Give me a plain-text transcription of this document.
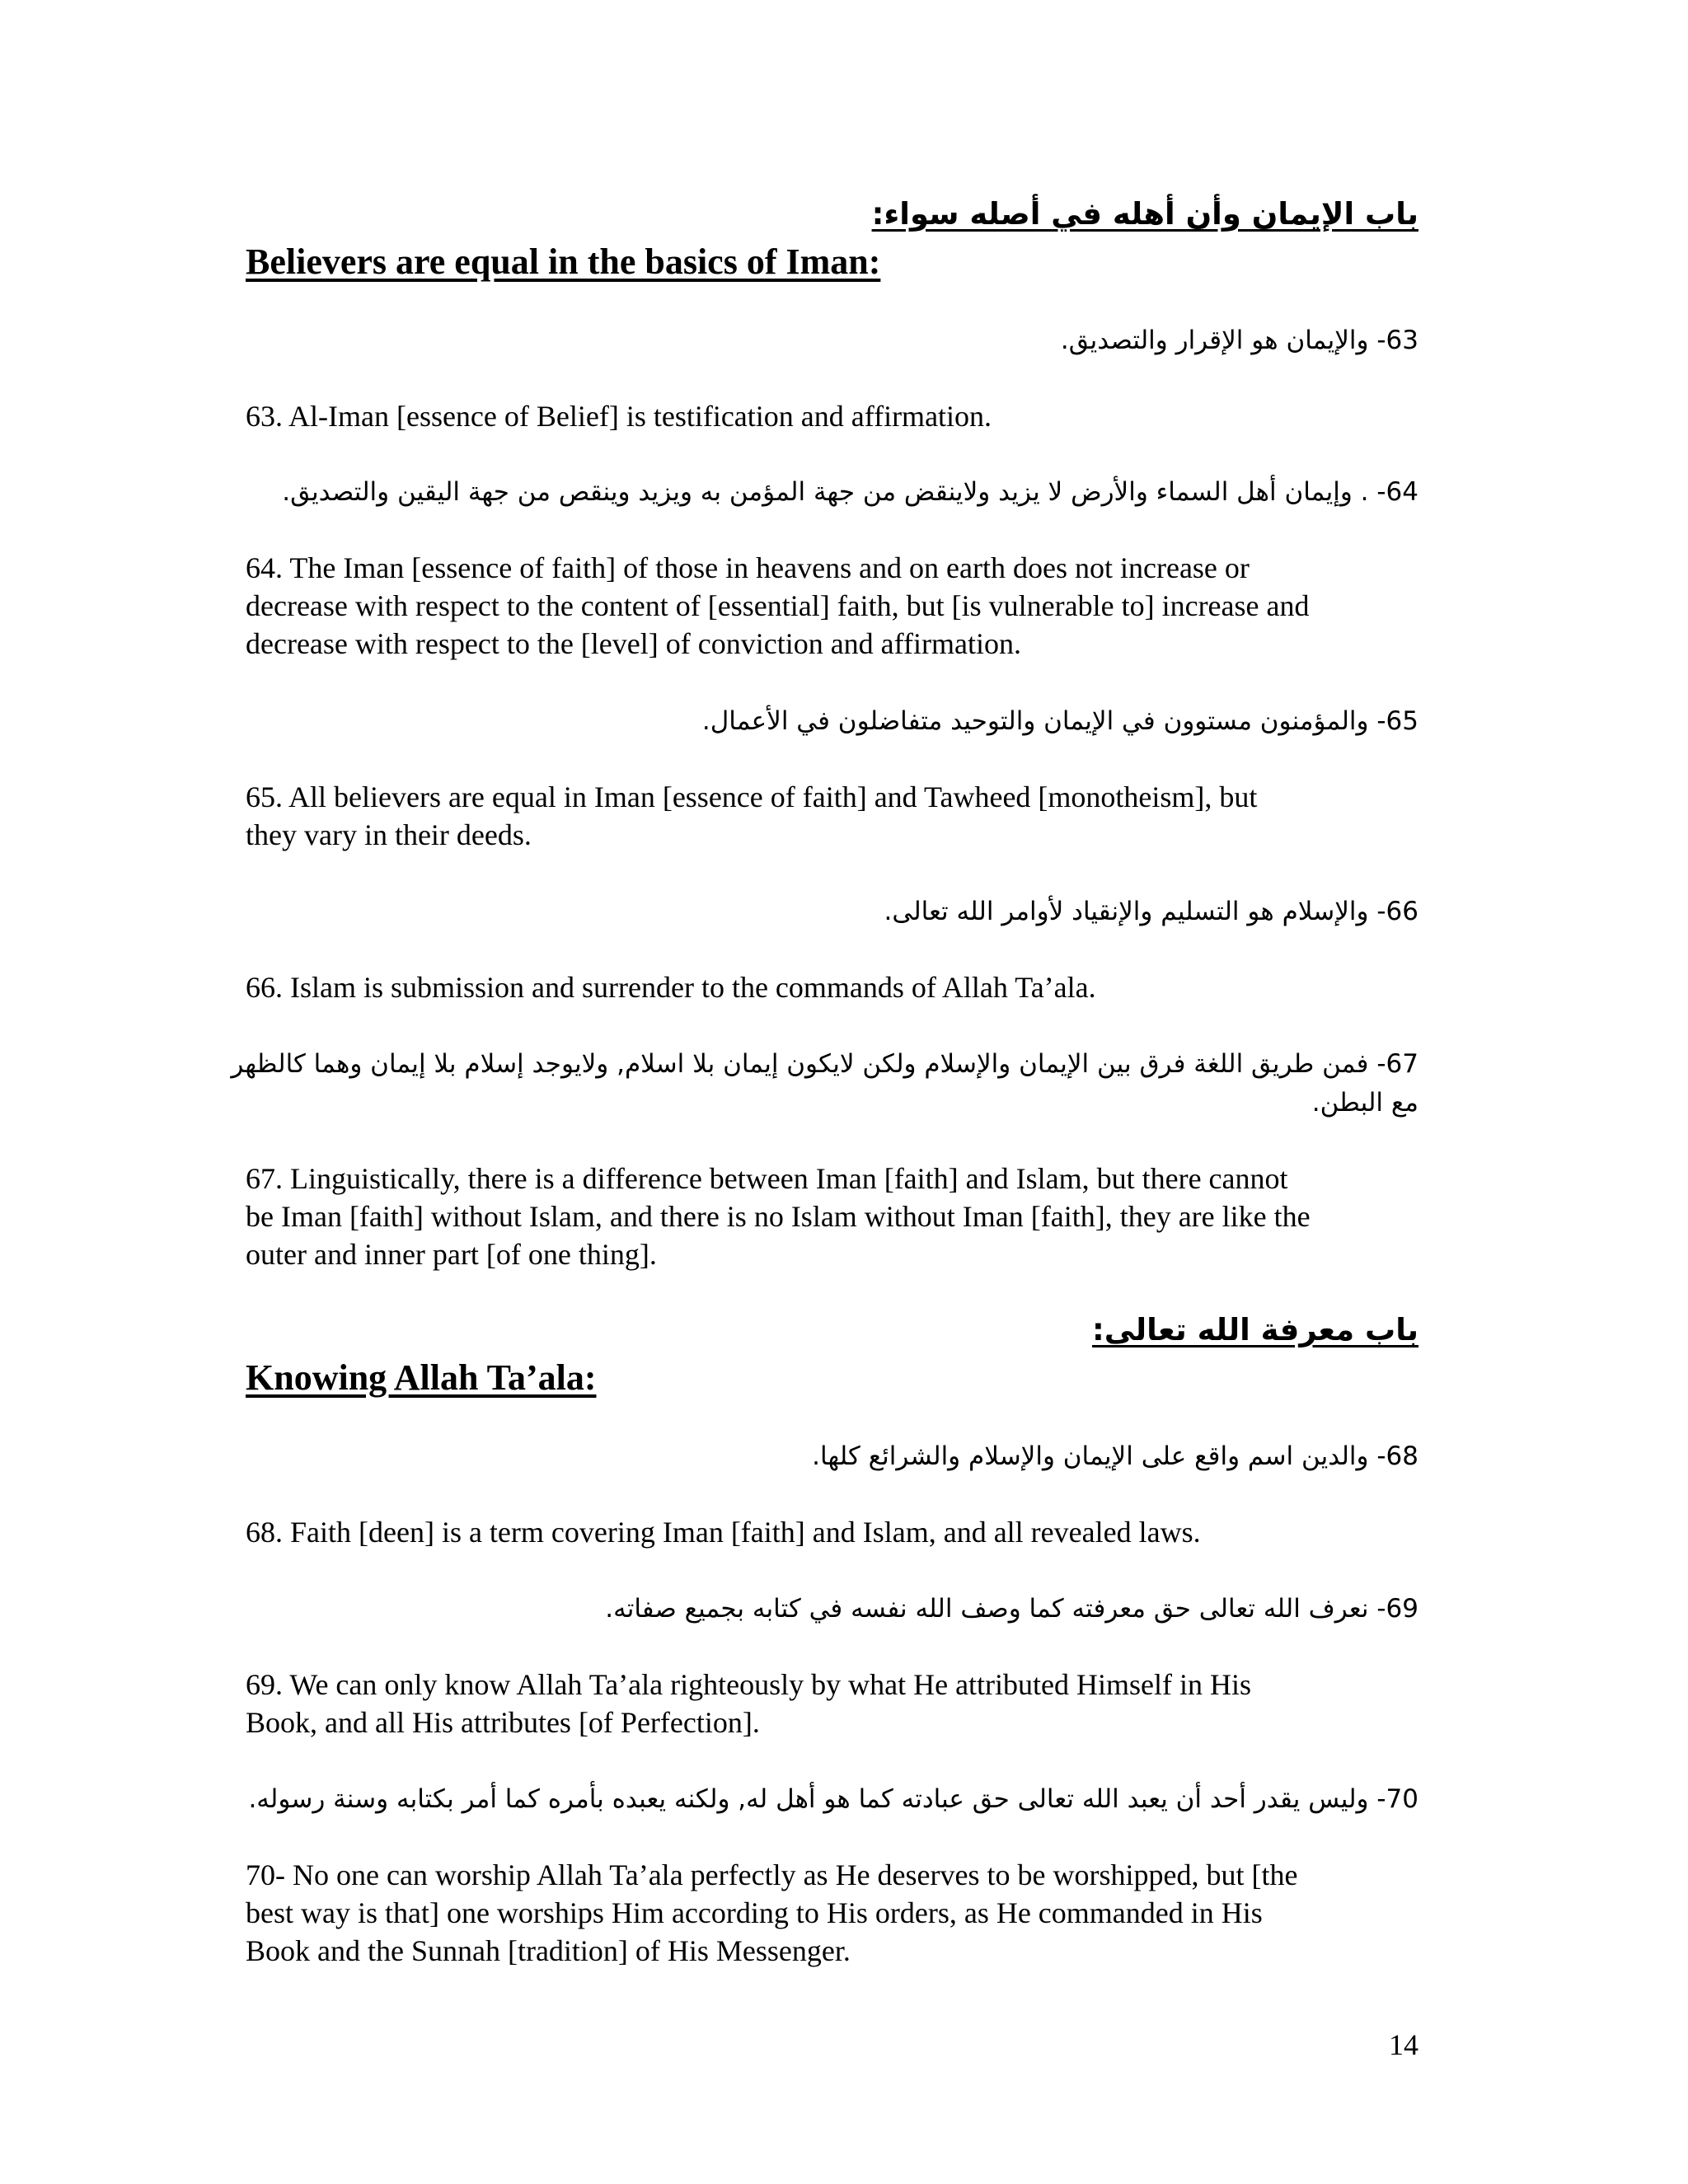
باب الإيمان وأن أهله في أصله سواء:
Believers are equal in the basics of Iman:
63- والإيمان هو الإقرار والتصديق.
63. Al-Iman [essence of Belief] is testification and affirmation.
64- . وإيمان أهل السماء والأرض لا يزيد ولاينقض من جهة المؤمن به ويزيد وينقص من جهة اليقين والتصديق.
64. The Iman [essence of faith] of those in heavens and on earth does not increase or
decrease with respect to the content of [essential] faith, but [is vulnerable to] increase and
decrease with respect to the [level] of conviction and affirmation.
65- والمؤمنون مستوون في الإيمان والتوحيد متفاضلون في الأعمال.
65. All believers are equal in Iman [essence of faith] and Tawheed [monotheism], but
they vary in their deeds.
66- والإسلام هو التسليم والإنقياد لأوامر الله تعالى.
66. Islam is submission and surrender to the commands of Allah Ta’ala.
67- فمن طريق اللغة فرق بين الإيمان والإسلام ولكن لايكون إيمان بلا اسلام, ولايوجد إسلام بلا إيمان وهما كالظهر
مع البطن.
67. Linguistically, there is a difference between Iman [faith] and Islam, but there cannot
be Iman [faith] without Islam, and there is no Islam without Iman [faith], they are like the
outer and inner part [of one thing].
باب معرفة الله تعالى:
Knowing Allah Ta’ala:
68- والدين اسم واقع على الإيمان والإسلام والشرائع كلها.
68. Faith [deen] is a term covering Iman [faith] and Islam, and all revealed laws.
69- نعرف الله تعالى حق معرفته كما وصف الله نفسه في كتابه بجميع صفاته.
69. We can only know Allah Ta’ala righteously by what He attributed Himself in His
Book, and all His attributes [of Perfection].
70- وليس يقدر أحد أن يعبد الله تعالى حق عبادته كما هو أهل له, ولكنه يعبده بأمره كما أمر بكتابه وسنة رسوله.
70- No one can worship Allah Ta’ala perfectly as He deserves to be worshipped, but [the
best way is that] one worships Him according to His orders, as He commanded in His
Book and the Sunnah [tradition] of His Messenger.
14
